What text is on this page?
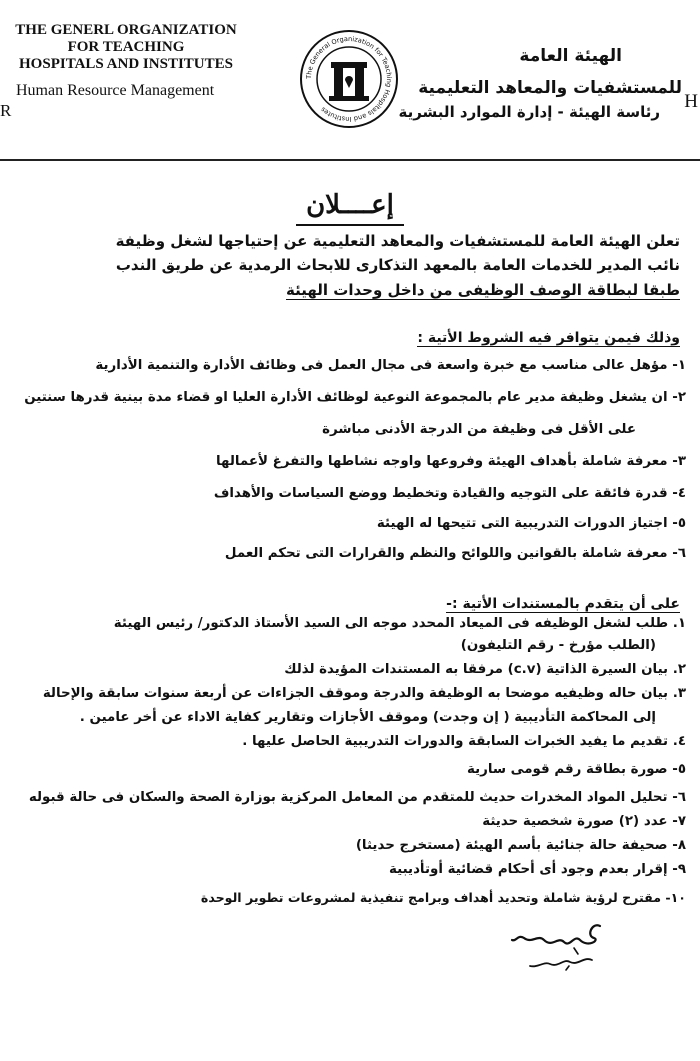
THE GENERL ORGANIZATION
FOR TEACHING
HOSPITALS AND INSTITUTES
Human Resource Management
R	H
The General Organization for Teaching Hospitals and Institutes
الهيئة العامة
للمستشفيات والمعاهد التعليمية
رئاسة الهيئة - إدارة الموارد البشرية
إعــــلان
تعلن الهيئة العامة للمستشفيات والمعاهد التعليمية عن إحتياجها لشغل وظيفة
نائب المدير للخدمات العامة بالمعهد التذكارى للابحاث الرمدية عن طريق الندب
طبقا لبطاقة الوصف الوظيفى من داخل وحدات الهيئة
وذلك فيمن يتوافر فيه الشروط الأتية :
١- مؤهل عالى مناسب مع خبرة واسعة فى مجال العمل فى وظائف الأدارة والتنمية الأدارية
٢- ان يشغل وظيفة مدير عام بالمجموعة النوعية لوظائف الأدارة العليا او قضاء مدة بينية قدرها سنتين
على الأقل فى وظيفة من الدرجة الأدنى مباشرة
٣- معرفة شاملة بأهداف الهيئة وفروعها واوجه نشاطها والتفرغ لأعمالها
٤- قدرة فائقة على التوجيه والقيادة وتخطيط ووضع السياسات والأهداف
٥- اجتياز الدورات التدريبية التى تتيحها له الهيئة
٦- معرفة شاملة بالقوانين واللوائح والنظم والقرارات التى تحكم العمل
على أن يتقدم بالمستندات الأتية :-
١. طلب لشغل الوظيفه فى الميعاد المحدد موجه الى السيد الأستاذ الدكتور/ رئيس الهيئة
(الطلب مؤرخ - رقم التليفون)
٢. بيان السيرة الذاتية (c.v) مرفقا به المستندات المؤيدة لذلك
٣. بيان حاله وظيفيه موضحا به الوظيفة والدرجة وموقف الجزاءات عن أربعة سنوات سابقة والإحالة
إلى المحاكمة التأديبية ( إن وجدت) وموقف الأجازات وتقارير كفاية الاداء عن أخر عامين .
٤. تقديم ما يفيد الخبرات السابقة والدورات التدريبية الحاصل عليها .
٥- صورة بطاقة رقم قومى سارية
٦- تحليل المواد المخدرات حديث للمتقدم من المعامل المركزية بوزارة الصحة والسكان فى حالة قبوله
٧- عدد (٢) صورة شخصية حديثة
٨- صحيفة حالة جنائية بأسم الهيئة (مستخرج حديثا)
٩- إقرار بعدم وجود أى أحكام قضائية أوتأديبية
١٠- مقترح لرؤية شاملة وتحديد أهداف وبرامج تنفيذية لمشروعات تطوير الوحدة
